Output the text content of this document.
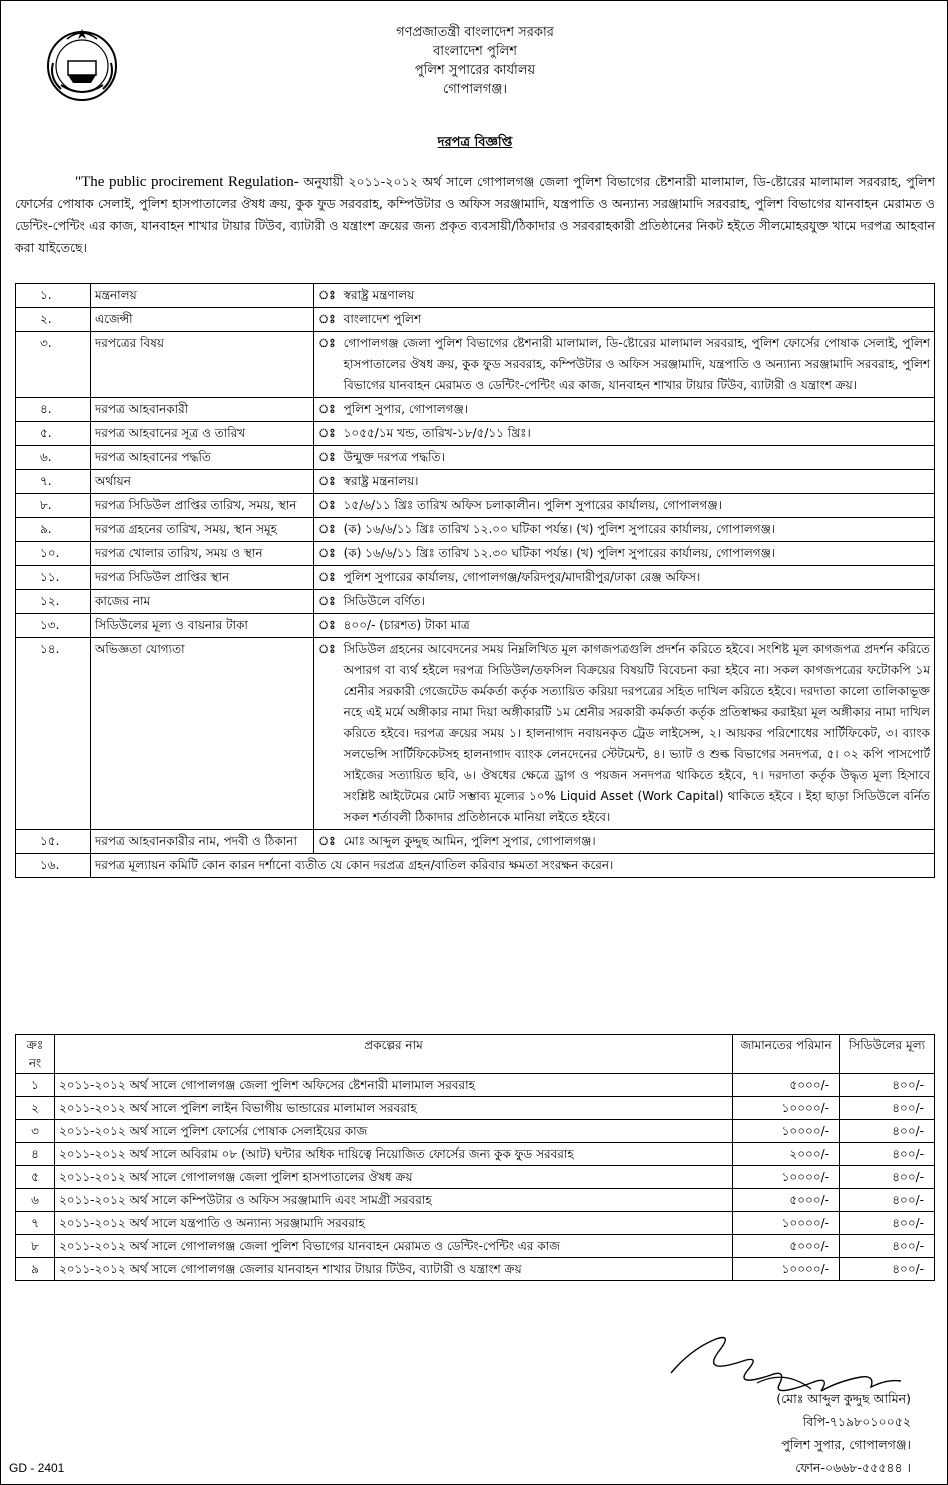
গণপ্রজাতন্ত্রী বাংলাদেশ সরকার
বাংলাদেশ পুলিশ
পুলিশ সুপারের কার্যালয়
গোপালগঞ্জ।
দরপত্র বিজ্ঞপ্তি

"The public procirement Regulation- অনুযায়ী ২০১১-২০১২ অর্থ সালে গোপালগঞ্জ জেলা পুলিশ বিভাগের ষ্টেশনারী মালামাল, ডি-ষ্টোরের মালামাল সরবরাহ, পুলিশ ফোর্সের পোষাক সেলাই, পুলিশ হাসপাতালের ঔষধ ক্রয়, কুক ফুড সরবরাহ, কম্পিউটার ও অফিস সরঞ্জামাদি, যন্ত্রপাতি ও অন্যান্য সরঞ্জামাদি সরবরাহ, পুলিশ বিভাগের যানবাহন মেরামত ও ডেন্টিং-পেন্টিং এর কাজ, যানবাহন শাখার টায়ার টিউব, ব্যাটারী ও যন্ত্রাংশ ক্রয়ের জন্য প্রকৃত ব্যবসায়ী/ঠিকাদার ও সরবরাহকারী প্রতিষ্ঠানের নিকট হইতে সীলমোহরযুক্ত খামে দরপত্র আহবান করা যাইতেছে।

১.	মন্ত্রনালয়	ঃ	স্বরাষ্ট্র মন্ত্রণালয়
২.	এজেন্সী	ঃ	বাংলাদেশ পুলিশ
৩.	দরপত্রের বিষয়	ঃ	গোপালগঞ্জ জেলা পুলিশ বিভাগের ষ্টেশনারী মালামাল, ডি-ষ্টোরের মালামাল সরবরাহ, পুলিশ ফোর্সের পোষাক সেলাই, পুলিশ হাসপাতালের ঔষধ ক্রয়, কুক ফুড সরবরাহ, কম্পিউটার ও অফিস সরঞ্জামাদি, যন্ত্রপাতি ও অন্যান্য সরঞ্জামাদি সরবরাহ, পুলিশ বিভাগের যানবাহন মেরামত ও ডেন্টিং-পেন্টিং এর কাজ, যানবাহন শাখার টায়ার টিউব, ব্যাটারী ও যন্ত্রাংশ ক্রয়।
৪.	দরপত্র আহবানকারী	ঃ	পুলিশ সুপার, গোপালগঞ্জ।
৫.	দরপত্র আহবানের সূত্র ও তারিখ	ঃ	১০৫৫/১ম খন্ড, তারিখ-১৮/৫/১১ খ্রিঃ।
৬.	দরপত্র আহবানের পদ্ধতি	ঃ	উন্মুক্ত দরপত্র পদ্ধতি।
৭.	অর্থায়ন	ঃ	স্বরাষ্ট্র মন্ত্রনালয়।
৮.	দরপত্র সিডিউল প্রাপ্তির তারিখ, সময়, স্থান	ঃ	১৫/৬/১১ খ্রিঃ তারিখ অফিস চলাকালীন। পুলিশ সুপারের কার্যালয়, গোপালগঞ্জ।
৯.	দরপত্র গ্রহনের তারিখ, সময়, স্থান সমূহ	ঃ	(ক) ১৬/৬/১১ খ্রিঃ তারিখ ১২.০০ ঘটিকা পর্যন্ত। (খ) পুলিশ সুপারের কার্যালয়, গোপালগঞ্জ।
১০.	দরপত্র খোলার তারিখ, সময় ও স্থান	ঃ	(ক) ১৬/৬/১১ খ্রিঃ তারিখ ১২.৩০ ঘটিকা পর্যন্ত। (খ) পুলিশ সুপারের কার্যালয়, গোপালগঞ্জ।
১১.	দরপত্র সিডিউল প্রাপ্তির স্থান	ঃ	পুলিশ সুপারের কার্যালয়, গোপালগঞ্জ/ফরিদপুর/মাদারীপুর/ঢাকা রেঞ্জ অফিস।
১২.	কাজের নাম	ঃ	সিডিউলে বর্ণিত।
১৩.	সিডিউলের মূল্য ও বায়নার টাকা	ঃ	৪০০/- (চারশত) টাকা মাত্র
১৪.	অভিজ্ঞতা যোগ্যতা	ঃ	সিডিউল গ্রহনের আবেদনের সময় নিম্নলিখিত মূল কাগজপত্রগুলি প্রদর্শন করিতে হইবে। সংশিষ্ট মূল কাগজপত্র প্রদর্শন করিতে অপারগ বা ব্যর্থ হইলে দরপত্র সিডিউল/তফসিল বিক্রয়ের বিষয়টি বিবেচনা করা হইবে না। সকল কাগজপত্রের ফটোকপি ১ম শ্রেনীর সরকারী গেজেটেড কর্মকর্তা কর্তৃক সত্যায়িত করিয়া দরপত্রের সহিত দাখিল করিতে হইবে। দরদাতা কালো তালিকাভূক্ত নহে এই মর্মে অঙ্গীকার নামা দিয়া অঙ্গীকারটি ১ম শ্রেনীর সরকারী কর্মকর্তা কর্তৃক প্রতিস্বাক্ষর করাইয়া মূল অঙ্গীকার নামা দাখিল করিতে হইবে। দরপত্র ক্রয়ের সময় ১। হালনাগাদ নবায়নকৃত ট্রেড লাইসেন্স, ২। আয়কর পরিশোধের সার্টিফিকেট, ৩। ব্যাংক সলভেন্সি সার্টিফিকেটসহ হালনাগাদ ব্যাংক লেনদেনের স্টেটমেন্ট, ৪। ভ্যাট ও শুল্ক বিভাগের সনদপত্র, ৫। ০২ কপি পাসপোর্ট সাইজের সত্যায়িত ছবি, ৬। ঔষধের ক্ষেত্রে ড্রাগ ও পয়জন সনদপত্র থাকিতে হইবে, ৭। দরদাতা কর্তৃক উদ্ধৃত মূল্য হিসাবে সংশ্লিষ্ট আইটেমের মোট সম্ভাব্য মূল্যের ১০% Liquid Asset (Work Capital) থাকিতে হইবে । ইহা ছাড়া সিডিউলে বর্নিত সকল শর্তাবলী ঠিকাদার প্রতিষ্ঠানকে মানিয়া লইতে হইবে।
১৫.	দরপত্র আহবানকারীর নাম, পদবী ও ঠিকানা	ঃ	মোঃ আব্দুল কুদ্দুছ আমিন, পুলিশ সুপার, গোপালগঞ্জ।
১৬.	দরপত্র মূল্যায়ন কমিটি কোন কারন দর্শানো ব্যতীত যে কোন দরপ্রত্র গ্রহন/বাতিল করিবার ক্ষমতা সংরক্ষন করেন।		
ক্রঃ নং	প্রকল্পের নাম	জামানতের পরিমান	সিডিউলের মূল্য
১	২০১১-২০১২ অর্থ সালে গোপালগঞ্জ জেলা পুলিশ অফিসের ষ্টেশনারী মালামাল সরবরাহ	৫০০০/-	৪০০/-
২	২০১১-২০১২ অর্থ সালে পুলিশ লাইন বিভাগীয় ভান্ডারের মালামাল সরবরাহ	১০০০০/-	৪০০/-
৩	২০১১-২০১২ অর্থ সালে পুলিশ ফোর্সের পোষাক সেলাইয়ের কাজ	১০০০০/-	৪০০/-
৪	২০১১-২০১২ অর্থ সালে অবিরাম ০৮ (আট) ঘন্টার অধিক দায়িত্বে নিয়োজিত ফোর্সের জন্য কুক ফুড সরবরাহ	২০০০/-	৪০০/-
৫	২০১১-২০১২ অর্থ সালে গোপালগঞ্জ জেলা পুলিশ হাসপাতালের ঔষধ ক্রয়	১০০০০/-	৪০০/-
৬	২০১১-২০১২ অর্থ সালে কম্পিউটার ও অফিস সরঞ্জামাদি এবং সামগ্রী সরবরাহ	৫০০০/-	৪০০/-
৭	২০১১-২০১২ অর্থ সালে যন্ত্রপাতি ও অন্যান্য সরঞ্জামাদি সরবরাহ	১০০০০/-	৪০০/-
৮	২০১১-২০১২ অর্থ সালে গোপালগঞ্জ জেলা পুলিশ বিভাগের যানবাহন মেরামত ও ডেন্টিং-পেন্টিং এর কাজ	৫০০০/-	৪০০/-
৯	২০১১-২০১২ অর্থ সালে গোপালগঞ্জ জেলার যানবাহন শাখার টায়ার টিউব, ব্যাটারী ও যন্ত্রাংশ ক্রয়	১০০০০/-	৪০০/-
(মোঃ আব্দুল কুদ্দুছ আমিন)
বিপি-৭১৯৮০১০০৫২
পুলিশ সুপার, গোপালগঞ্জ।
ফোন-০৬৬৮-৫৫৫৪৪ ।
GD - 2401
